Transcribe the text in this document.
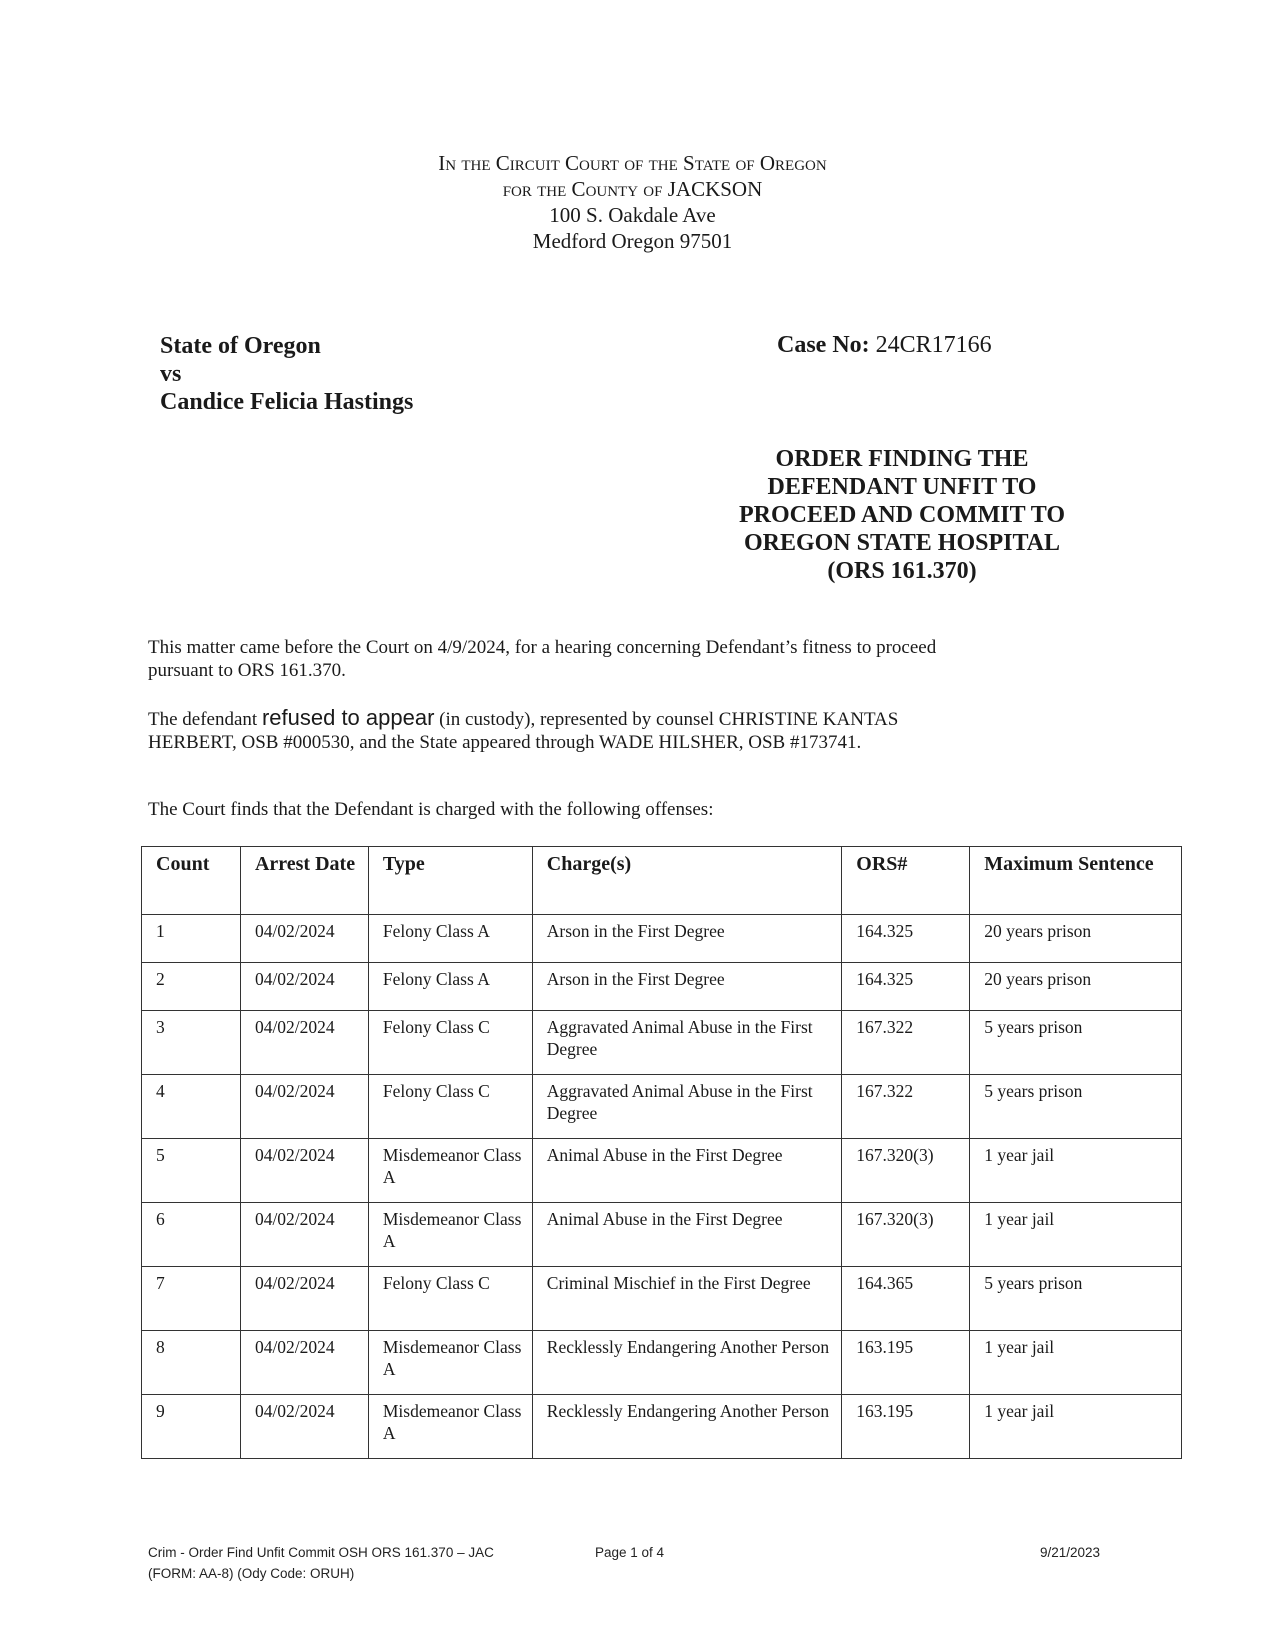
In the Circuit Court of the State of Oregon
for the County of JACKSON
100 S. Oakdale Ave
Medford Oregon 97501
State of Oregon
vs
Candice Felicia Hastings
Case No: 24CR17166
ORDER FINDING THE
DEFENDANT UNFIT TO
PROCEED AND COMMIT TO
OREGON STATE HOSPITAL
(ORS 161.370)
This matter came before the Court on 4/9/2024, for a hearing concerning Defendant’s fitness to proceed
pursuant to ORS 161.370.
The defendant refused to appear (in custody), represented by counsel CHRISTINE KANTAS
HERBERT, OSB #000530, and the State appeared through WADE HILSHER, OSB #173741.
The Court finds that the Defendant is charged with the following offenses:
Count	Arrest Date	Type	Charge(s)	ORS#	Maximum Sentence
1	04/02/2024	Felony Class A	Arson in the First Degree	164.325	20 years prison
2	04/02/2024	Felony Class A	Arson in the First Degree	164.325	20 years prison
3	04/02/2024	Felony Class C	Aggravated Animal Abuse in the First Degree	167.322	5 years prison
4	04/02/2024	Felony Class C	Aggravated Animal Abuse in the First Degree	167.322	5 years prison
5	04/02/2024	Misdemeanor Class A	Animal Abuse in the First Degree	167.320(3)	1 year jail
6	04/02/2024	Misdemeanor Class A	Animal Abuse in the First Degree	167.320(3)	1 year jail
7	04/02/2024	Felony Class C	Criminal Mischief in the First Degree	164.365	5 years prison
8	04/02/2024	Misdemeanor Class A	Recklessly Endangering Another Person	163.195	1 year jail
9	04/02/2024	Misdemeanor Class A	Recklessly Endangering Another Person	163.195	1 year jail
Crim - Order Find Unfit Commit OSH ORS 161.370 – JAC
(FORM: AA-8) (Ody Code: ORUH)
Page 1 of 4	9/21/2023
